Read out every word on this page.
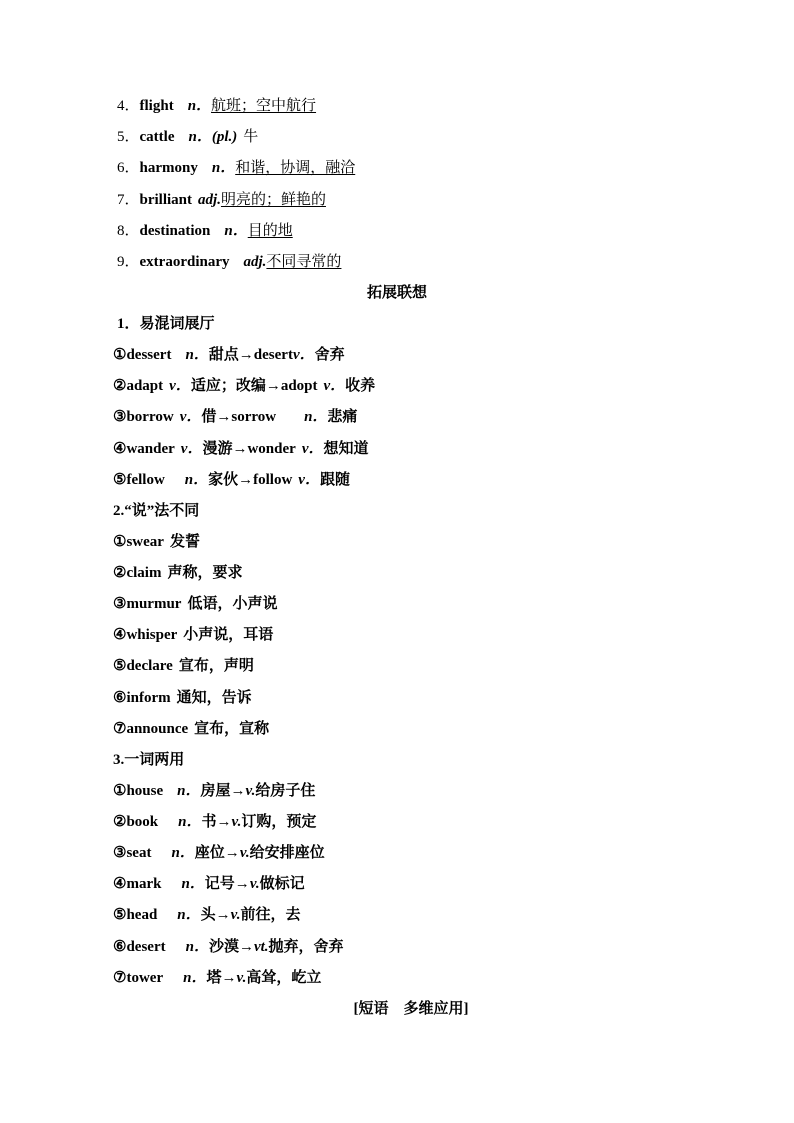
4．flight n．航班；空中航行
5．cattle n．(pl.) 牛
6．harmony n．和谐，协调，融洽
7．brilliant adj.明亮的；鲜艳的
8．destination n．目的地
9．extraordinary adj.不同寻常的
拓展联想
1．易混词展厅
①dessert n．甜点→desertv．舍弃
②adapt v．适应；改编→adopt v．收养
③borrow v．借→sorrow n．悲痛
④wander v．漫游→wonder v．想知道
⑤fellow n．家伙→follow v．跟随
2.“说”法不同
①swear 发誓
②claim 声称，要求
③murmur 低语，小声说
④whisper 小声说，耳语
⑤declare 宣布，声明
⑥inform 通知，告诉
⑦announce 宣布，宣称
3.一词两用
①house n．房屋→v.给房子住
②book n．书→v.订购，预定
③seat n．座位→v.给安排座位
④mark n．记号→v.做标记
⑤head n．头→v.前往，去
⑥desert n．沙漠→vt.抛弃，舍弃
⑦tower n．塔→v.高耸，屹立
[短语　多维应用]
